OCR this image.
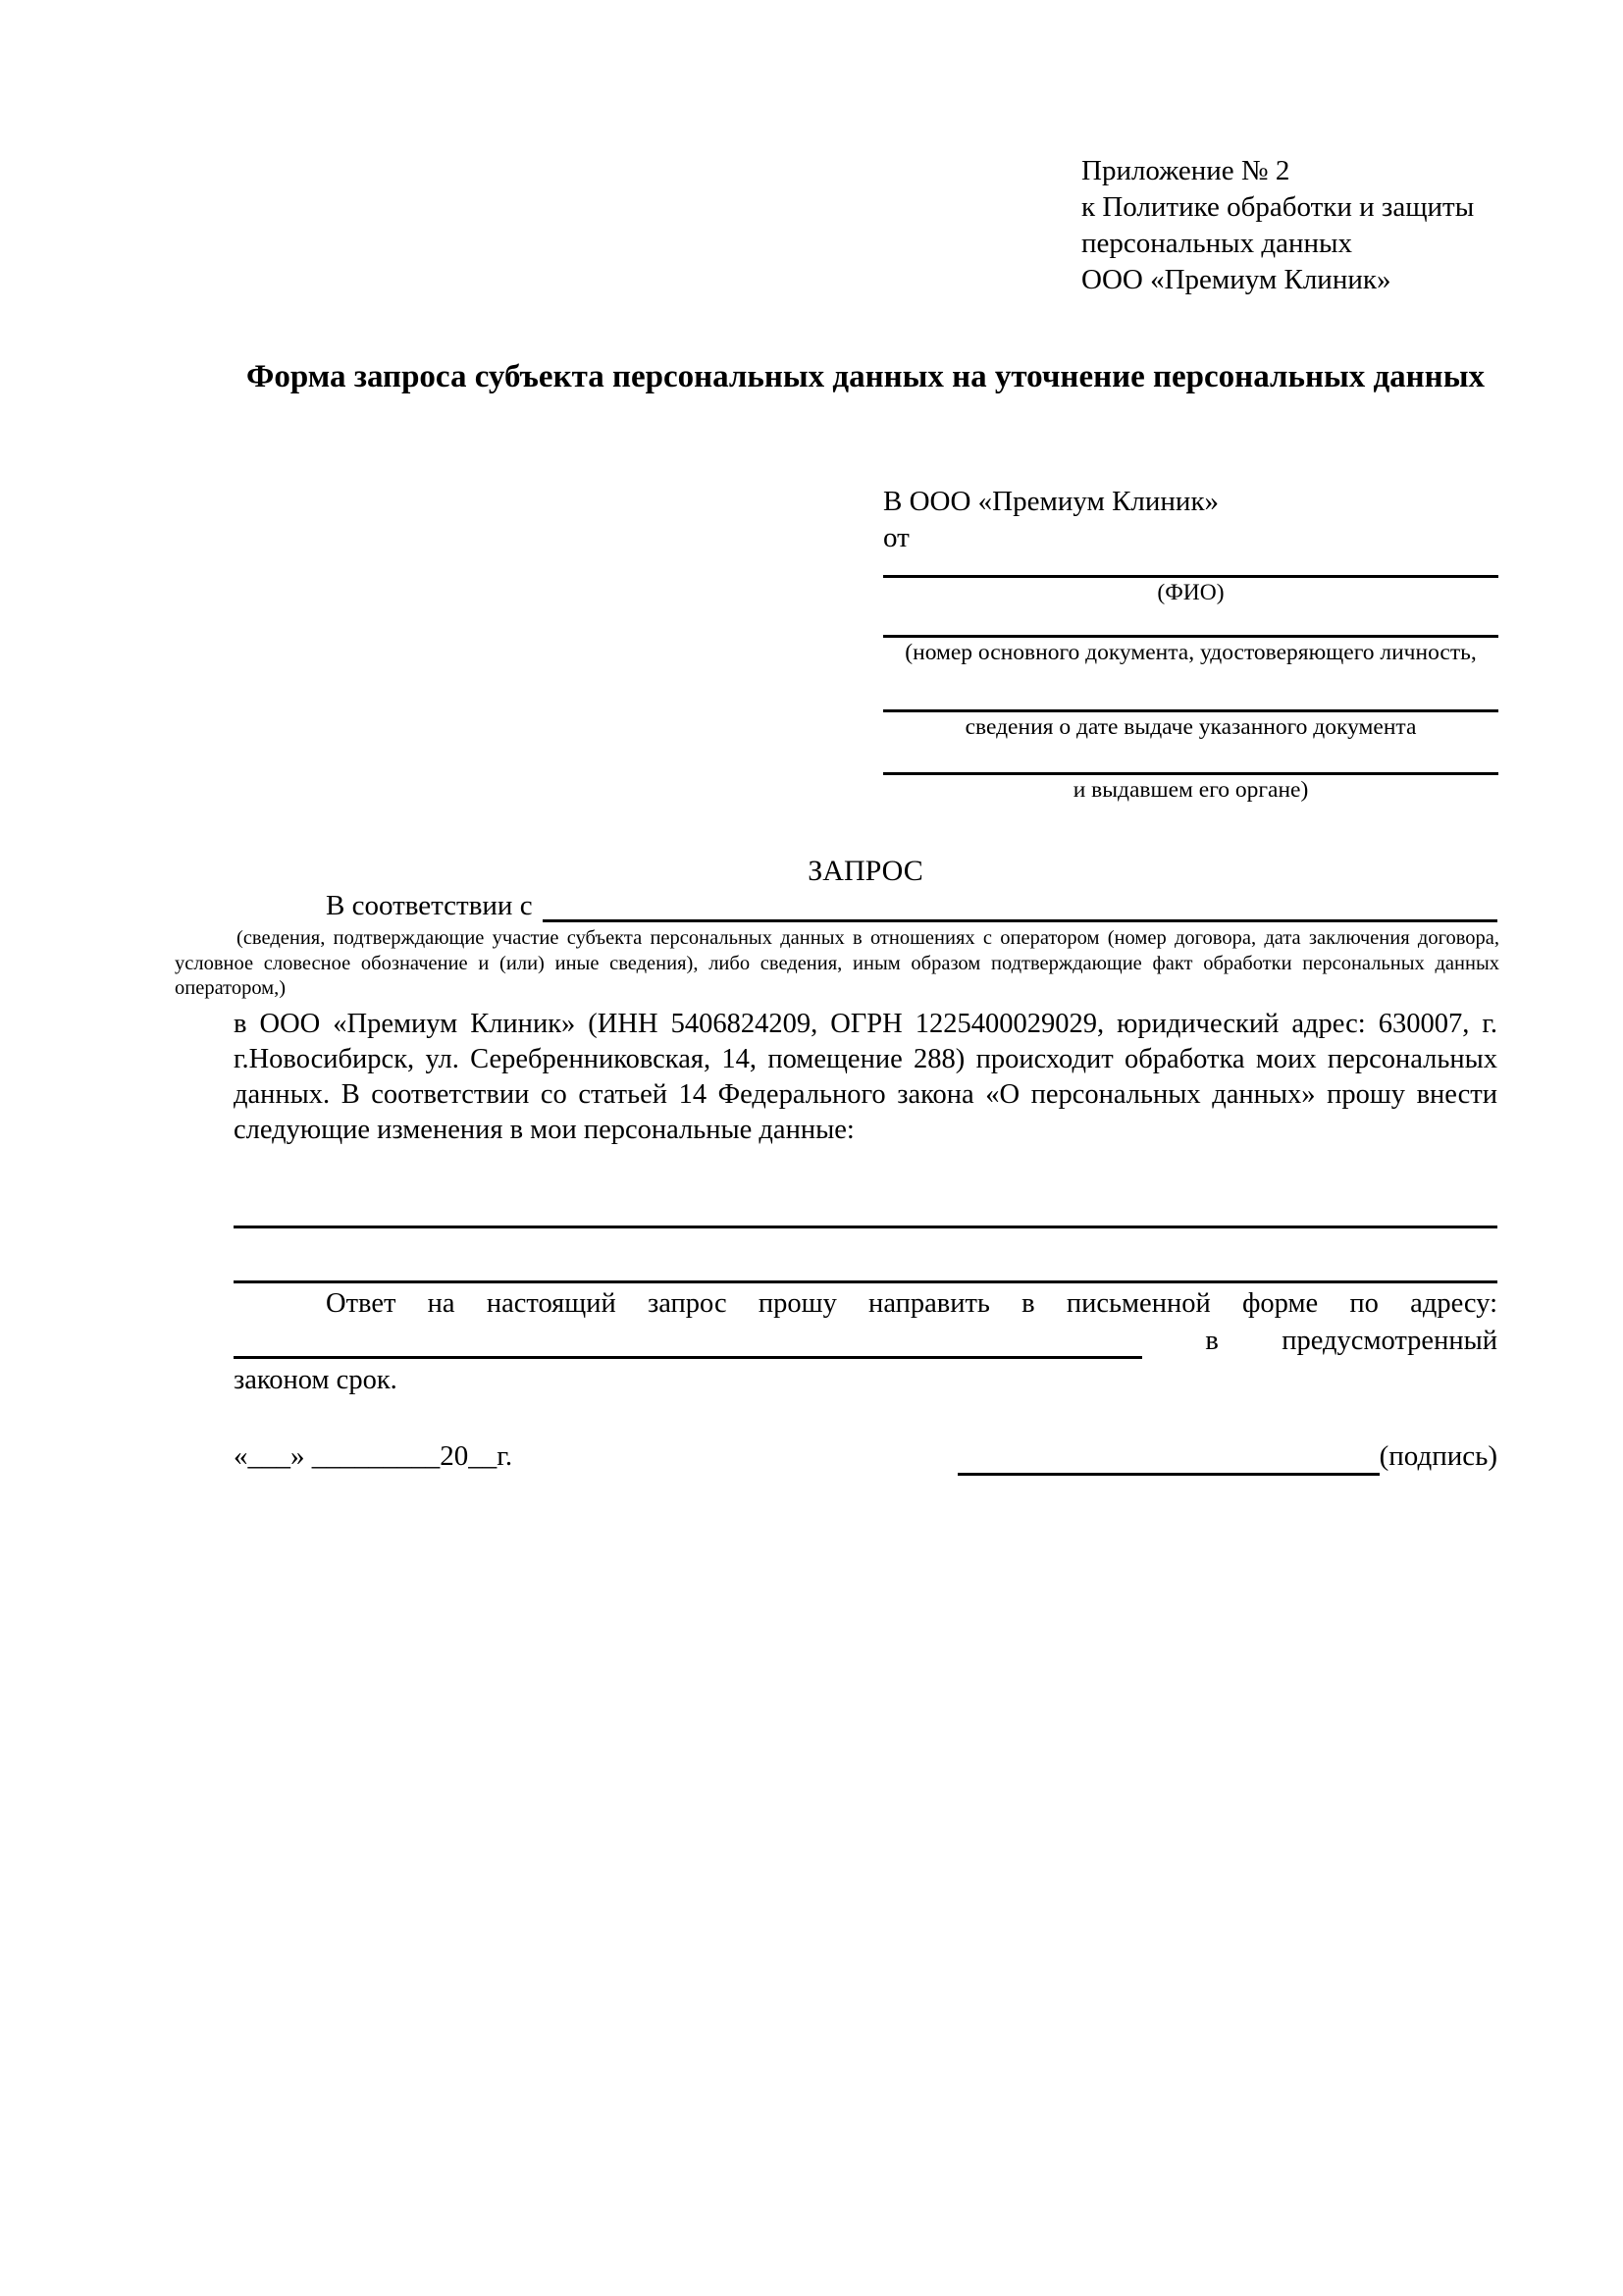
Приложение № 2
к Политике обработки и защиты
персональных данных
ООО «Премиум Клиник»
Форма запроса субъекта персональных данных на уточнение персональных данных
В ООО «Премиум Клиник»
от
(ФИО)
(номер основного документа, удостоверяющего личность,
сведения о дате выдаче указанного документа
и выдавшем его органе)
ЗАПРОС
В соответствии с
(сведения, подтверждающие участие субъекта персональных данных в отношениях с оператором (номер договора, дата заключения договора, условное словесное обозначение и (или) иные сведения), либо сведения, иным образом подтверждающие факт обработки персональных данных оператором,)
в ООО «Премиум Клиник» (ИНН 5406824209, ОГРН 1225400029029, юридический адрес: 630007, г. г.Новосибирск, ул. Серебренниковская, 14, помещение 288) происходит обработка моих персональных данных. В соответствии со статьей 14 Федерального закона «О персональных данных» прошу внести следующие изменения в мои персональные данные:
Ответ на настоящий запрос прошу направить в письменной форме по адресу:
в предусмотренный
законом срок.
«___» _________20__г.	(подпись)
